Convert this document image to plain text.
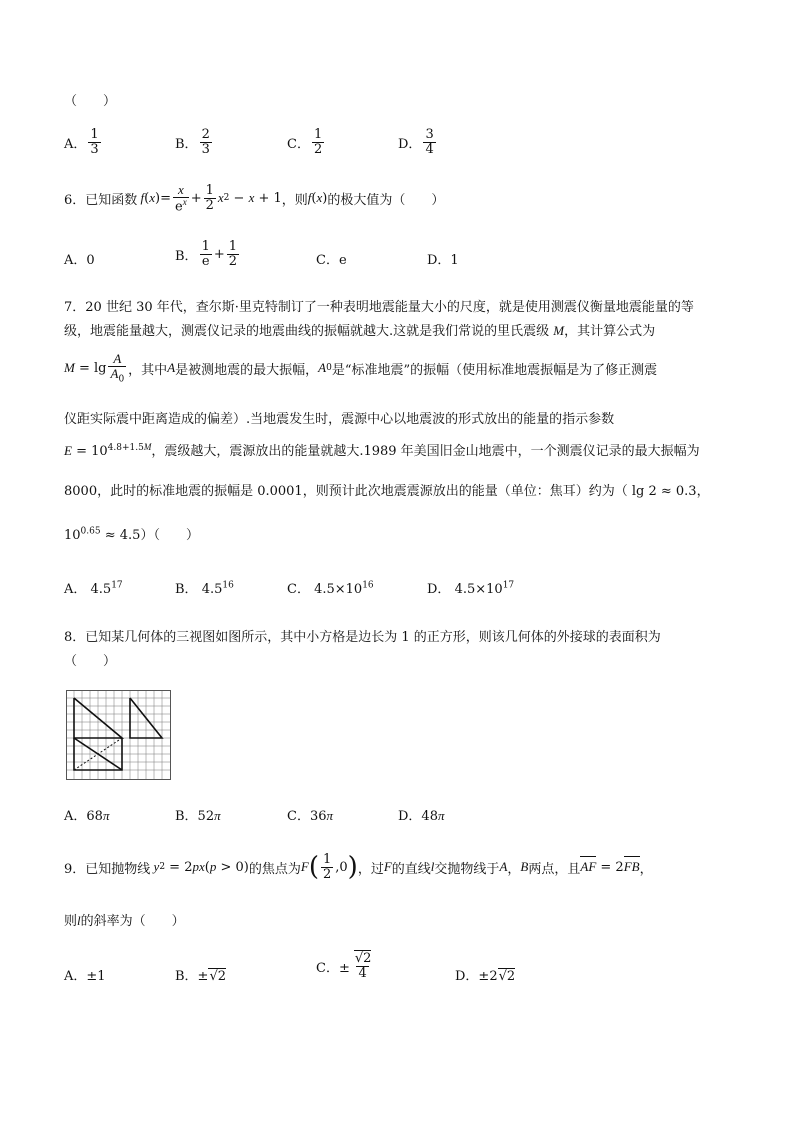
（　　）
A． $\frac{1}{3}$	B． $\frac{2}{3}$	C． $\frac{1}{2}$	D． $\frac{3}{4}$
6．已知函数 f ( x )= $\frac{x}{e^x} + \frac{1}{2}$ x 2 − x + 1 ，则 f ( x ) 的极大值为（　　）
A．0	B． $\frac{1}{e} + \frac{1}{2}$	C．e	D．1
7．20 世纪 30 年代，查尔斯·里克特制订了一种表明地震能量大小的尺度，就是使用测震仪衡量地震能量的等
级，地震能量越大，测震仪记录的地震曲线的振幅就越大.这就是我们常说的里氏震级 M，其计算公式为
$M = \lg \frac{A}{A_0}$ ，其中 A 是被测地震的最大振幅， A 0 是“标准地震”的振幅（使用标准地震振幅是为了修正测震
仪距实际震中距离造成的偏差）.当地震发生时，震源中心以地震波的形式放出的能量的指示参数
$E = 10^{4.8+1.5M}$，震级越大，震源放出的能量就越大.1989 年美国旧金山地震中，一个测震仪记录的最大振幅为
8000，此时的标准地震的振幅是 0.0001，则预计此次地震震源放出的能量（单位：焦耳）约为（ lg 2 ≈ 0.3，
$10^{0.65} \approx 4.5$）（　　）
A． $4.5^{17}$	B． $4.5^{16}$	C． $4.5\times 10^{16}$	D． $4.5\times 10^{17}$
8．已知某几何体的三视图如图所示，其中小方格是边长为 1 的正方形，则该几何体的外接球的表面积为
（　　）
A．68π	B．52π	C．36π	D．48π
9．已知抛物线 y 2 = 2 px ( p > 0) 的焦点为 F ( $\frac{1}{2} ,0$ ) ，过 F 的直线 l 交抛物线于 A ， B 两点，且 AF = 2 FB ，
则l的斜率为（　　）
A．±1	B．±√2
C．± $\frac{√2}{4}$	D．±2√2
